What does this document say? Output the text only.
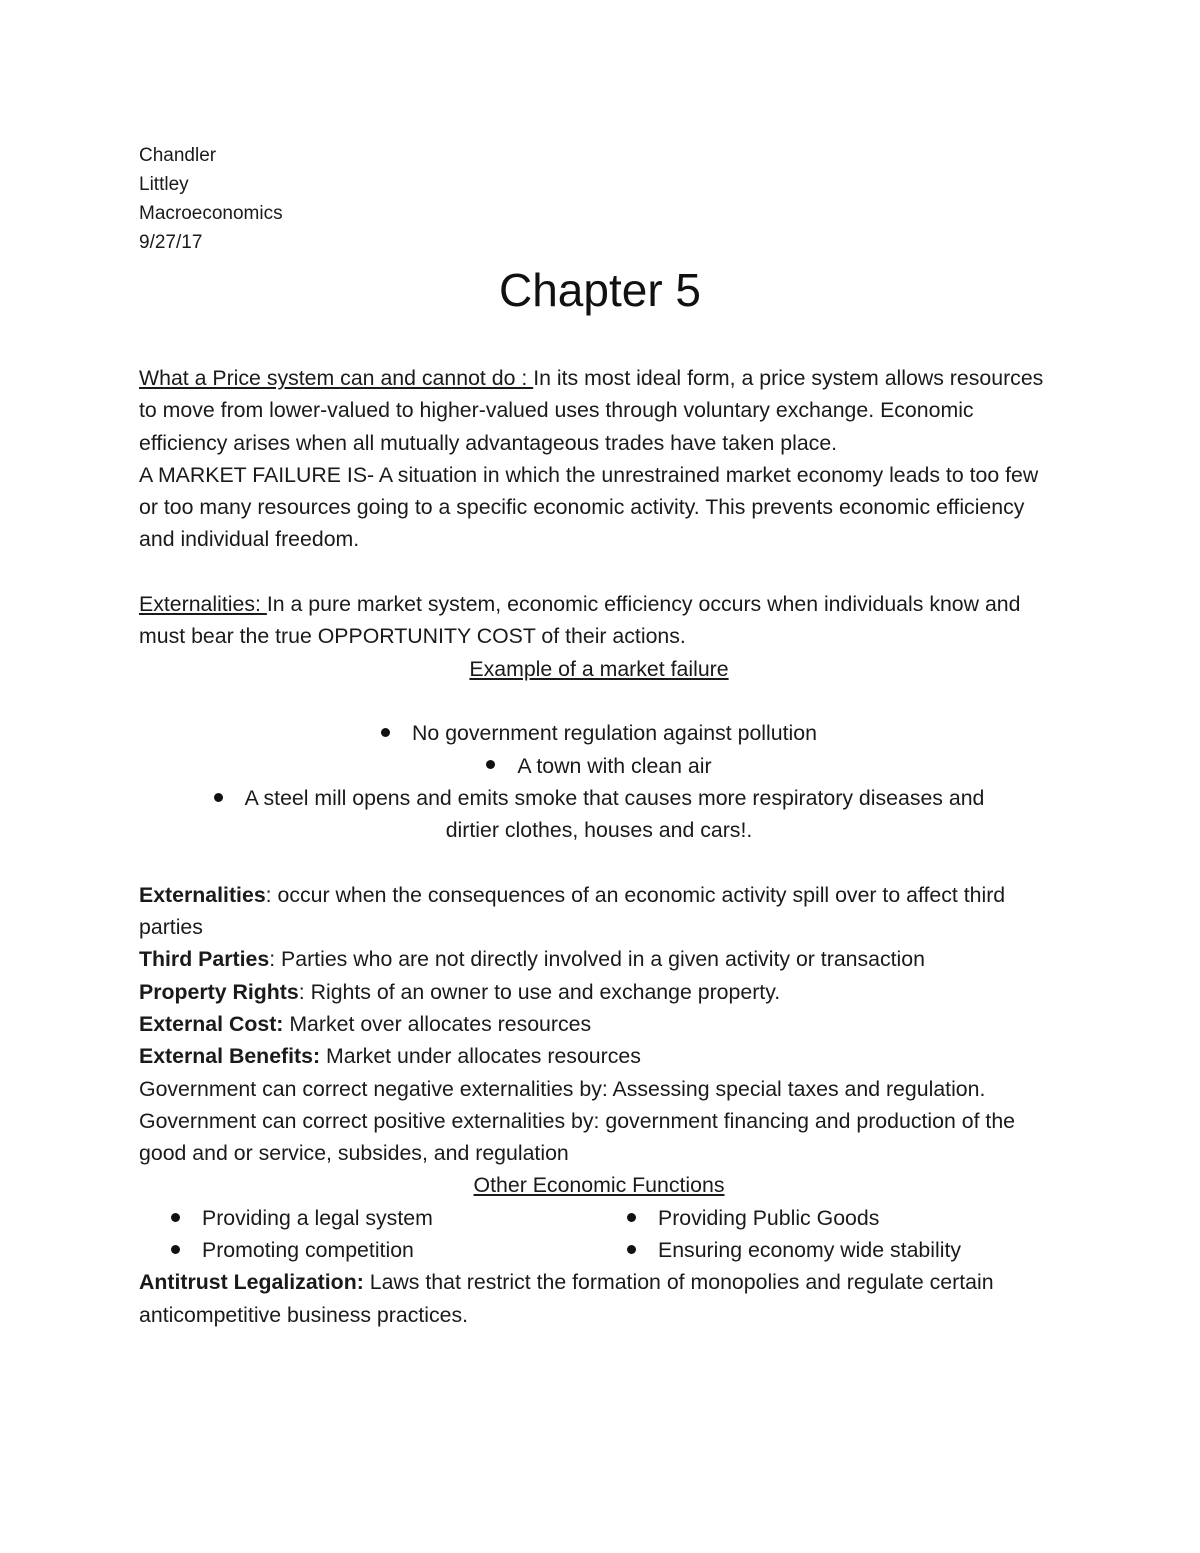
Chandler
Littley
Macroeconomics
9/27/17
Chapter 5

What a Price system can and cannot do : In its most ideal form, a price system allows resources to move from lower-valued to higher-valued uses through voluntary exchange. Economic efficiency arises when all mutually advantageous trades have taken place.

A MARKET FAILURE IS- A situation in which the unrestrained market economy leads to too few or too many resources going to a specific economic activity. This prevents economic efficiency and individual freedom.

Externalities: In a pure market system, economic efficiency occurs when individuals know and must bear the true OPPORTUNITY COST of their actions.

Example of a market failure

No government regulation against pollution

A town with clean air

A steel mill opens and emits smoke that causes more respiratory diseases and

dirtier clothes, houses and cars!.

Externalities: occur when the consequences of an economic activity spill over to affect third parties

Third Parties: Parties who are not directly involved in a given activity or transaction

Property Rights: Rights of an owner to use and exchange property.

External Cost: Market over allocates resources

External Benefits: Market under allocates resources

Government can correct negative externalities by: Assessing special taxes and regulation.

Government can correct positive externalities by: government financing and production of the good and or service, subsides, and regulation

Other Economic Functions

Providing a legal system
Promoting competition
Providing Public Goods
Ensuring economy wide stability

Antitrust Legalization: Laws that restrict the formation of monopolies and regulate certain anticompetitive business practices.
